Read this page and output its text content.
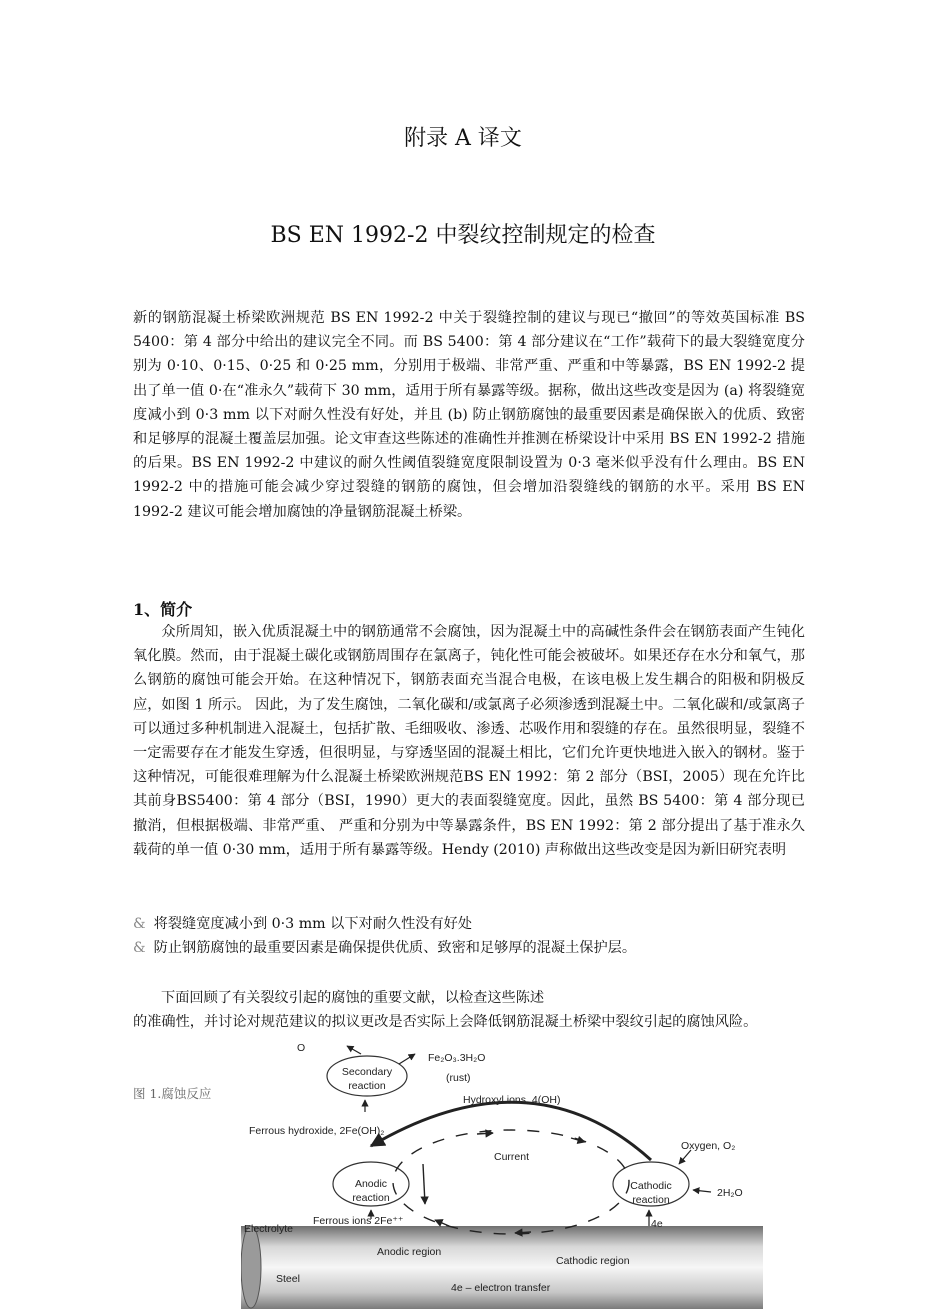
附录 A 译文
BS EN 1992-2 中裂纹控制规定的检查
新的钢筋混凝土桥梁欧洲规范 BS EN 1992-2 中关于裂缝控制的建议与现已“撤回”的等效英国标准 BS 5400：第 4 部分中给出的建议完全不同。而 BS 5400：第 4 部分建议在“工作”载荷下的最大裂缝宽度分别为 0·10、0·15、0·25 和 0·25 mm，分别用于极端、非常严重、严重和中等暴露，BS EN 1992-2 提出了单一值 0·在“准永久”载荷下 30 mm，适用于所有暴露等级。据称，做出这些改变是因为 (a) 将裂缝宽度减小到 0·3 mm 以下对耐久性没有好处，并且 (b) 防止钢筋腐蚀的最重要因素是确保嵌入的优质、致密和足够厚的混凝土覆盖层加强。论文审查这些陈述的准确性并推测在桥梁设计中采用 BS EN 1992-2 措施的后果。BS EN 1992-2 中建议的耐久性阈值裂缝宽度限制设置为 0·3 毫米似乎没有什么理由。BS EN 1992-2 中的措施可能会减少穿过裂缝的钢筋的腐蚀，但会增加沿裂缝线的钢筋的水平。采用 BS EN 1992-2 建议可能会增加腐蚀的净量钢筋混凝土桥梁。
1、简介
众所周知，嵌入优质混凝土中的钢筋通常不会腐蚀，因为混凝土中的高碱性条件会在钢筋表面产生钝化氧化膜。然而，由于混凝土碳化或钢筋周围存在氯离子，钝化性可能会被破坏。如果还存在水分和氧气，那么钢筋的腐蚀可能会开始。在这种情况下，钢筋表面充当混合电极，在该电极上发生耦合的阳极和阴极反应，如图 1 所示。 因此，为了发生腐蚀，二氧化碳和/或氯离子必须渗透到混凝土中。二氧化碳和/或氯离子可以通过多种机制进入混凝土，包括扩散、毛细吸收、渗透、芯吸作用和裂缝的存在。虽然很明显，裂缝不一定需要存在才能发生穿透，但很明显，与穿透坚固的混凝土相比，它们允许更快地进入嵌入的钢材。鉴于这种情况，可能很难理解为什么混凝土桥梁欧洲规范BS EN 1992：第 2 部分（BSI，2005）现在允许比其前身BS5400：第 4 部分（BSI，1990）更大的表面裂缝宽度。因此，虽然 BS 5400：第 4 部分现已撤消，但根据极端、非常严重、 严重和分别为中等暴露条件，BS EN 1992：第 2 部分提出了基于准永久载荷的单一值 0·30 mm，适用于所有暴露等级。Hendy (2010) 声称做出这些改变是因为新旧研究表明
& 将裂缝宽度减小到 0·3 mm 以下对耐久性没有好处
& 防止钢筋腐蚀的最重要因素是确保提供优质、致密和足够厚的混凝土保护层。
下面回顾了有关裂纹引起的腐蚀的重要文献，以检查这些陈述
的准确性，并讨论对规范建议的拟议更改是否实际上会降低钢筋混凝土桥梁中裂纹引起的腐蚀风险。
图 1.腐蚀反应
O
Secondary
reaction
Fe₂O₃.3H₂O
(rust)
Hydroxyl ions, 4(OH)
Ferrous hydroxide, 2Fe(OH)₂
Oxygen, O₂
Current
Anodic
reaction
Cathodic
reaction
2H₂O
Ferrous ions 2Fe⁺⁺
Electrolyte	4e
Anodic region
Cathodic region
Steel
4e – electron transfer
